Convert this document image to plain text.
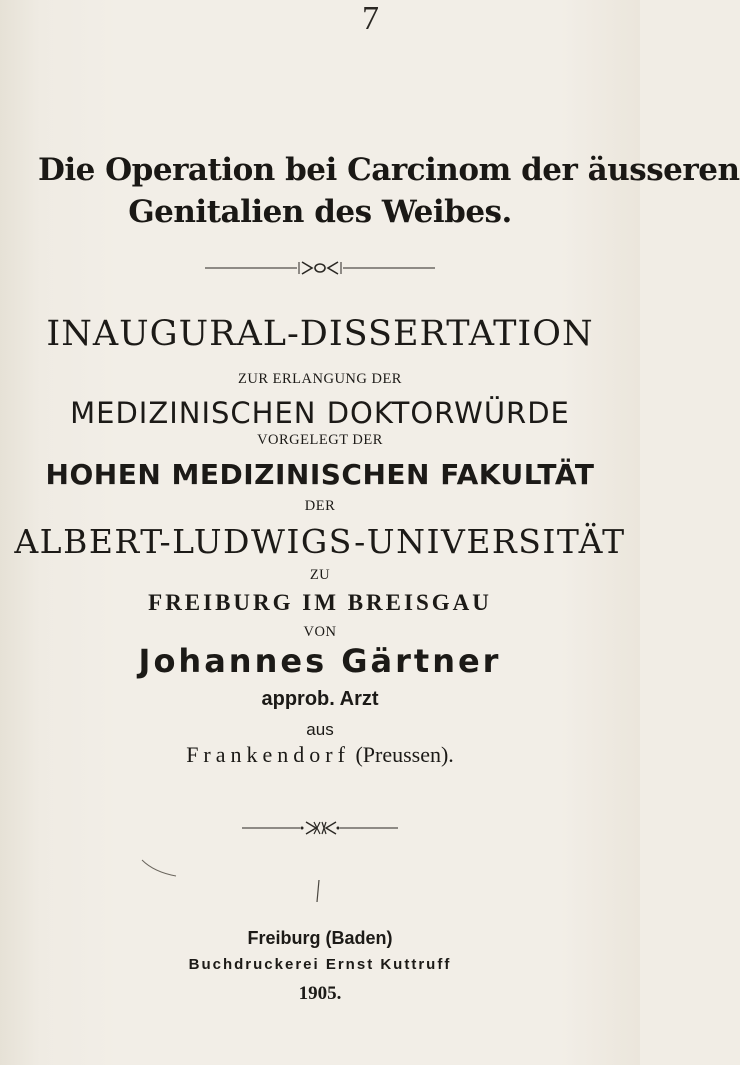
7
Die Operation bei Carcinom der äusseren
Genitalien des Weibes.
INAUGURAL-DISSERTATION
ZUR ERLANGUNG DER
MEDIZINISCHEN DOKTORWÜRDE
VORGELEGT DER
HOHEN MEDIZINISCHEN FAKULTÄT
DER
ALBERT-LUDWIGS-UNIVERSITÄT
ZU
FREIBURG IM BREISGAU
VON
Johannes Gärtner
approb. Arzt
aus
Frankendorf (Preussen).
Freiburg (Baden)
Buchdruckerei Ernst Kuttruff
1905.
